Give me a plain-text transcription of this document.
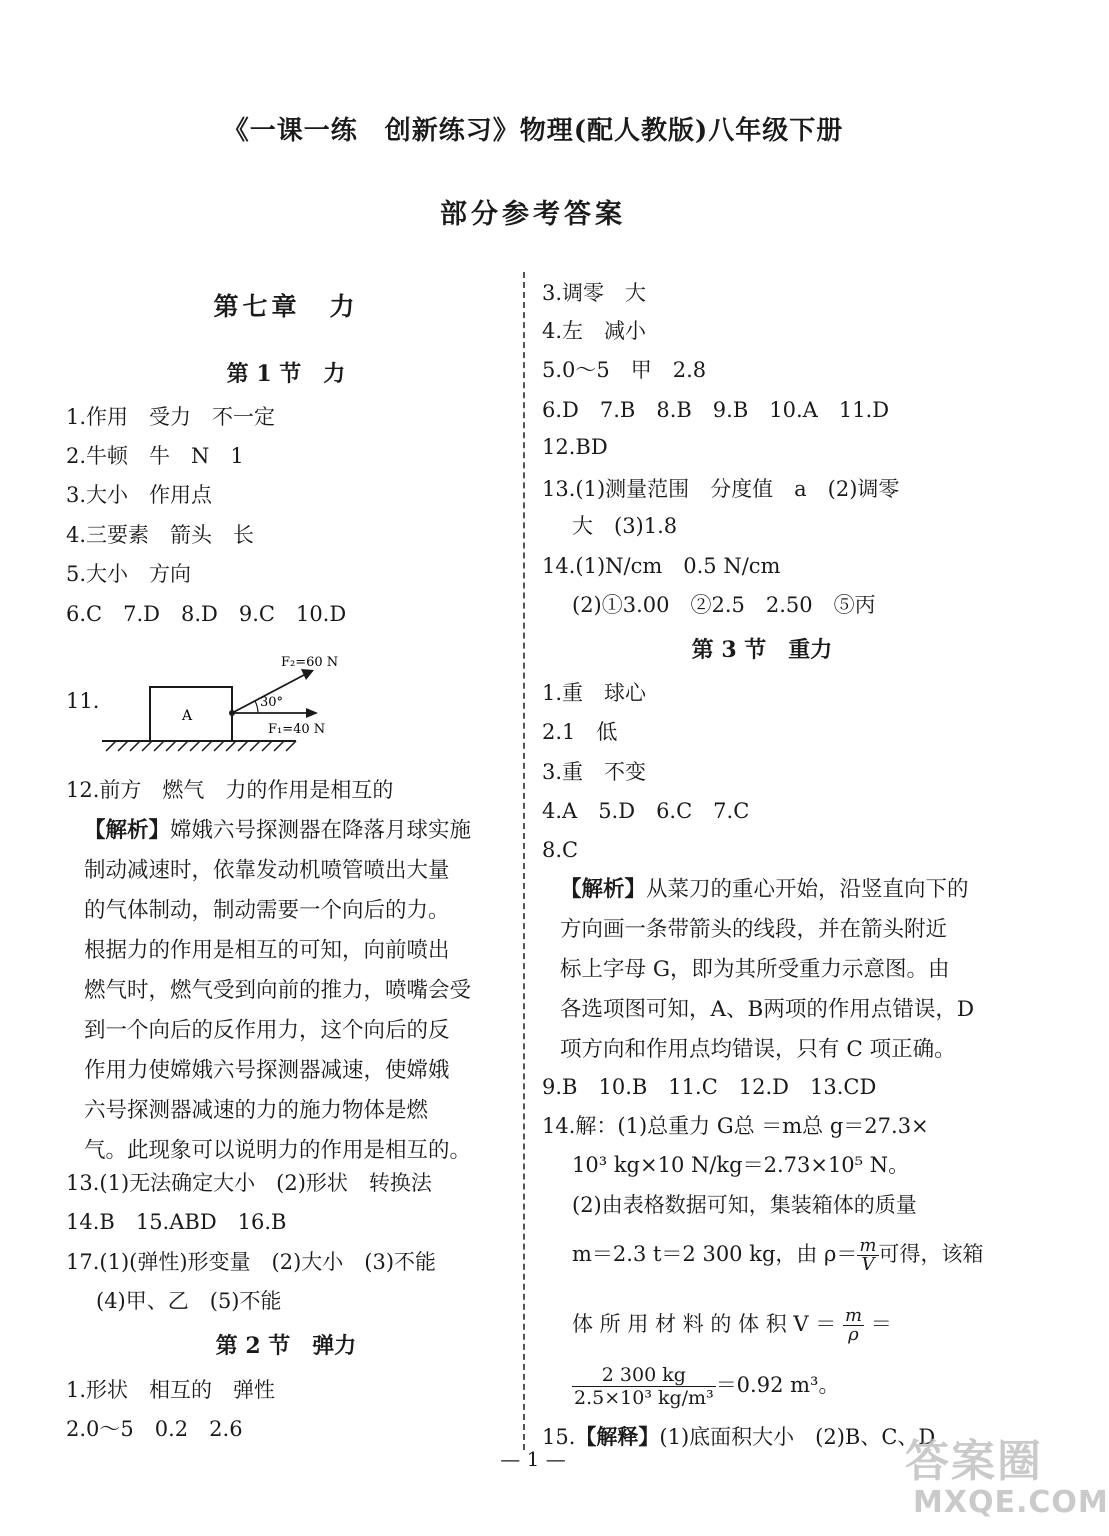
《一课一练　创新练习》物理(配人教版)八年级下册
部分参考答案
第七章　力
第 1 节　力
1.作用　受力　不一定
2.牛顿　牛　N　1
3.大小　作用点
4.三要素　箭头　长
5.大小　方向
6.C　7.D　8.D　9.C　10.D
11.
A
30°
F₂=60 N
F₁=40 N
12.前方　燃气　力的作用是相互的
【解析】嫦娥六号探测器在降落月球实施
制动减速时，依靠发动机喷管喷出大量
的气体制动，制动需要一个向后的力。
根据力的作用是相互的可知，向前喷出
燃气时，燃气受到向前的推力，喷嘴会受
到一个向后的反作用力，这个向后的反
作用力使嫦娥六号探测器减速，使嫦娥
六号探测器减速的力的施力物体是燃
气。此现象可以说明力的作用是相互的。
13.(1)无法确定大小　(2)形状　转换法
14.B　15.ABD　16.B
17.(1)(弹性)形变量　(2)大小　(3)不能
(4)甲、乙　(5)不能
第 2 节　弹力
1.形状　相互的　弹性
2.0～5　0.2　2.6
3.调零　大
4.左　减小
5.0～5　甲　2.8
6.D　7.B　8.B　9.B　10.A　11.D
12.BD
13.(1)测量范围　分度值　a　(2)调零
大　(3)1.8
14.(1)N/cm　0.5 N/cm
(2)①3.00　②2.5　2.50　⑤丙
第 3 节　重力
1.重　球心
2.1　低
3.重　不变
4.A　5.D　6.C　7.C
8.C
【解析】从菜刀的重心开始，沿竖直向下的
方向画一条带箭头的线段，并在箭头附近
标上字母 G，即为其所受重力示意图。由
各选项图可知，A、B两项的作用点错误，D
项方向和作用点均错误，只有 C 项正确。
9.B　10.B　11.C　12.D　13.CD
14.解：(1)总重力 G总 ＝m总 g＝27.3×
10³ kg×10 N/kg＝2.73×10⁵ N。
(2)由表格数据可知，集装箱体的质量
m＝2.3 t＝2 300 kg，由 $\rho= \frac{m}{V}$ 可得，该箱
体 所 用 材 料 的 体 积 $V = \frac{m}{\rho}$ ＝
$\frac{2 300 kg}{\text{2.5×10³ kg/m³}} =0.92$ m³。
15.【解释】(1)底面积大小　(2)B、C、D
— 1 —	答案圈
MXQE.COM
